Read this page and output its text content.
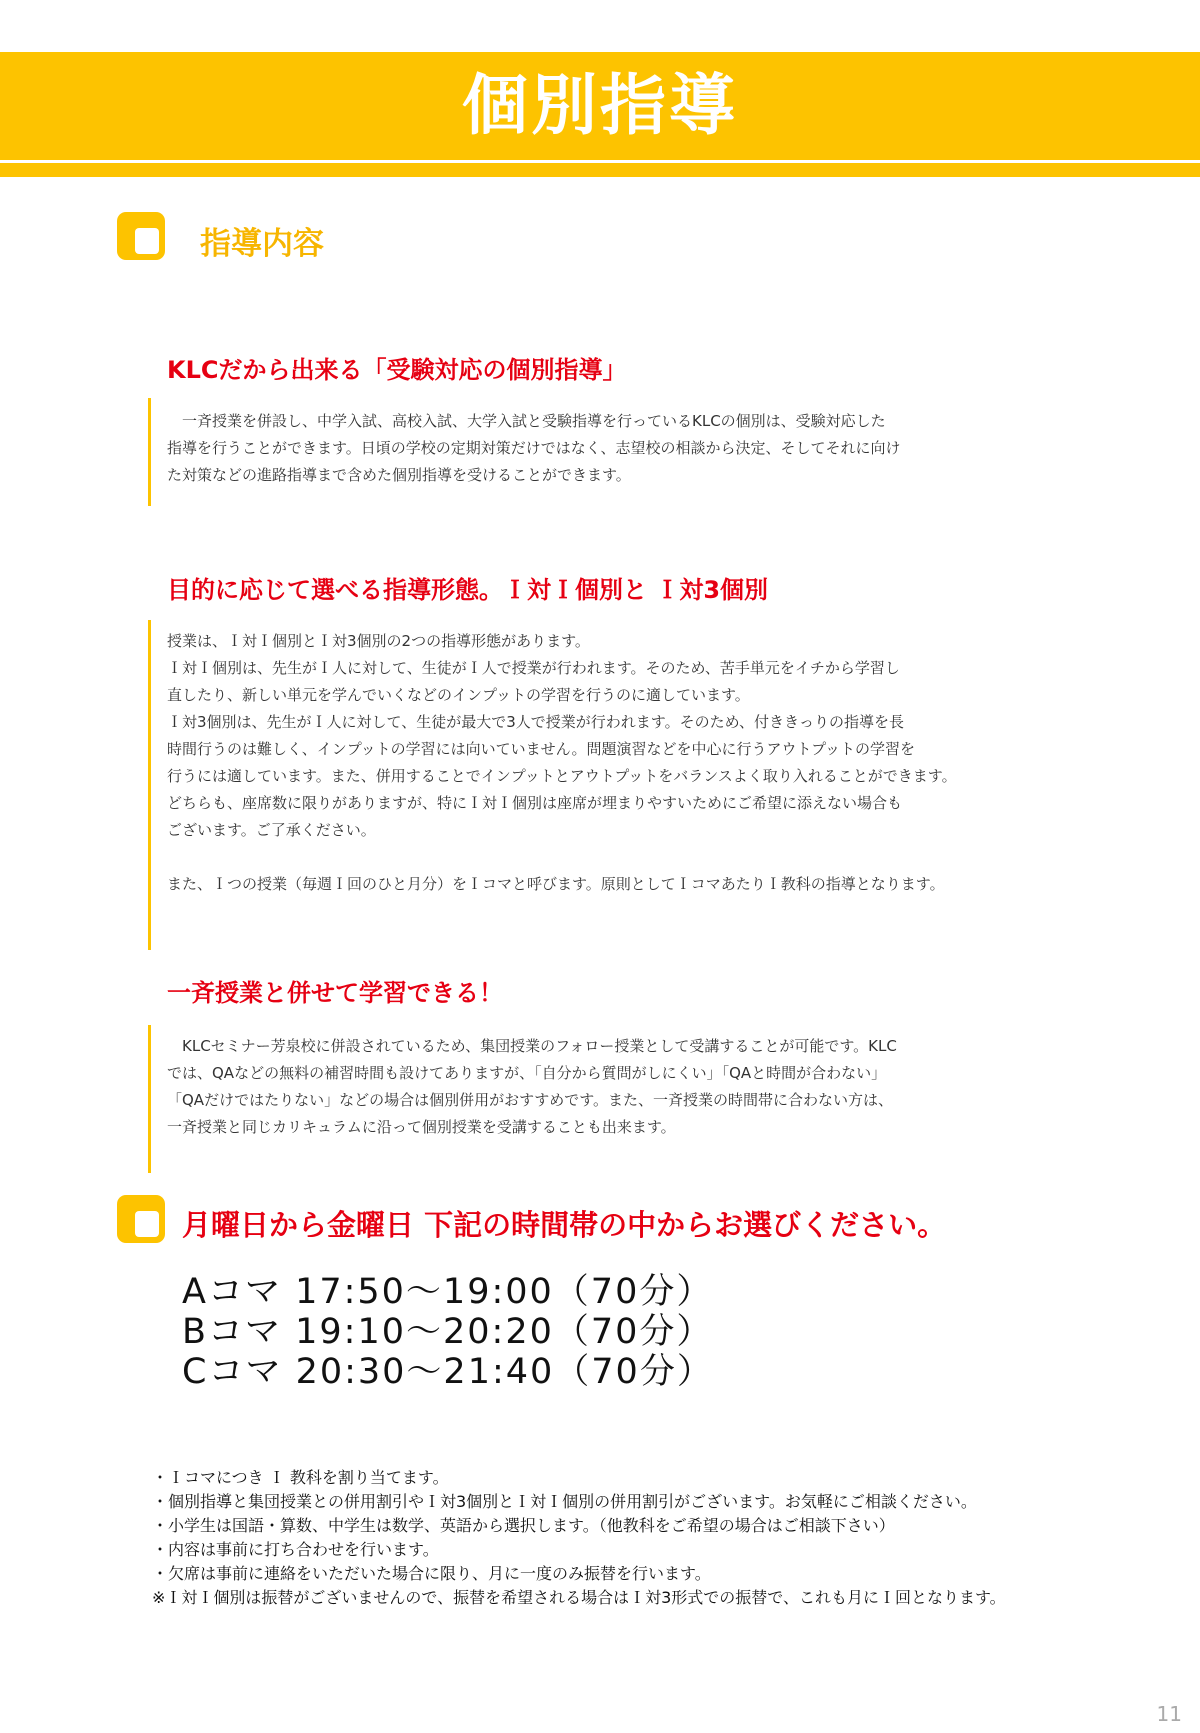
個別指導
指導内容
KLCだから出来る「受験対応の個別指導」

　一斉授業を併設し、中学入試、高校入試、大学入試と受験指導を行っているKLCの個別は、受験対応した

指導を行うことができます。日頃の学校の定期対策だけではなく、志望校の相談から決定、そしてそれに向け

た対策などの進路指導まで含めた個別指導を受けることができます。

目的に応じて選べる指導形態。Ｉ対Ｉ個別と Ｉ対3個別

授業は、Ｉ対Ｉ個別とＩ対3個別の2つの指導形態があります。

Ｉ対Ｉ個別は、先生がＩ人に対して、生徒がＩ人で授業が行われます。そのため、苦手単元をイチから学習し

直したり、新しい単元を学んでいくなどのインプットの学習を行うのに適しています。

Ｉ対3個別は、先生がＩ人に対して、生徒が最大で3人で授業が行われます。そのため、付ききっりの指導を長

時間行うのは難しく、インプットの学習には向いていません。問題演習などを中心に行うアウトプットの学習を

行うには適しています。また、併用することでインプットとアウトプットをバランスよく取り入れることができます。

どちらも、座席数に限りがありますが、特にＩ対Ｉ個別は座席が埋まりやすいためにご希望に添えない場合も

ございます。ご了承ください。

また、Ｉつの授業（毎週Ｉ回のひと月分）をＩコマと呼びます。原則としてＩコマあたりＩ教科の指導となります。

一斉授業と併せて学習できる！

　KLCセミナー芳泉校に併設されているため、集団授業のフォロー授業として受講することが可能です。KLC

では、QAなどの無料の補習時間も設けてありますが、「自分から質問がしにくい」「QAと時間が合わない」

「QAだけではたりない」などの場合は個別併用がおすすめです。また、一斉授業の時間帯に合わない方は、

一斉授業と同じカリキュラムに沿って個別授業を受講することも出来ます。

月曜日から金曜日 下記の時間帯の中からお選びください。
Aコマ 17:50～19:00（70分）
Bコマ 19:10～20:20（70分）
Cコマ 20:30～21:40（70分）
・Ｉコマにつき Ｉ 教科を割り当てます。
・個別指導と集団授業との併用割引やＩ対3個別とＩ対Ｉ個別の併用割引がございます。お気軽にご相談ください。
・小学生は国語・算数、中学生は数学、英語から選択します。（他教科をご希望の場合はご相談下さい）
・内容は事前に打ち合わせを行います。
・欠席は事前に連絡をいただいた場合に限り、月に一度のみ振替を行います。
※Ｉ対Ｉ個別は振替がございませんので、振替を希望される場合はＩ対3形式での振替で、これも月にＩ回となります。
11
